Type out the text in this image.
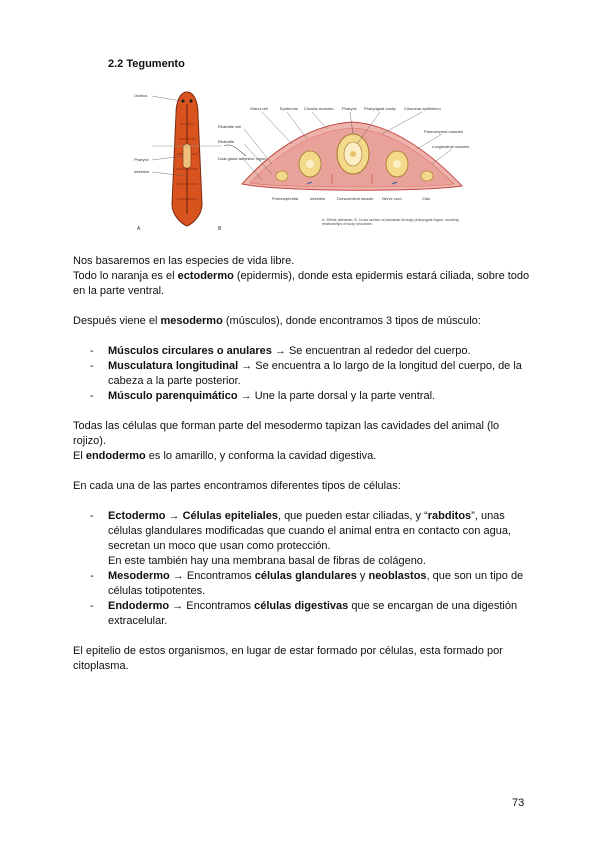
2.2 Tegumento
Ocellus
Pharynx
Intestine
A
Gland cell	Epidermis Circular muscles Pharynx Pharyngeal cavity Columnar epithelium
Parenchymal muscles
Longitudinal muscles
Rhabdite cell
Rhabdite
Dual-gland adhesive organ
Protonephridia	Intestine	Dorsoventral muscle Nerve cord	Cilia
B
A, Whole planarian. B, Cross section of planarian through pharyngeal region, showing relationships of body structures.

Nos basaremos en las especies de vida libre.

Todo lo naranja es el ectodermo (epidermis), donde esta epidermis estará ciliada, sobre todo en la parte ventral.

Después viene el mesodermo (músculos), donde encontramos 3 tipos de músculo:

- Músculos circulares o anulares → Se encuentran al rededor del cuerpo.
- Musculatura longitudinal → Se encuentra a lo largo de la longitud del cuerpo, de la cabeza a la parte posterior.
- Músculo parenquimático → Une la parte dorsal y la parte ventral.

Todas las células que forman parte del mesodermo tapizan las cavidades del animal (lo rojizo).

El endodermo es lo amarillo, y conforma la cavidad digestiva.

En cada una de las partes encontramos diferentes tipos de células:

- Ectodermo → Células epiteliales, que pueden estar ciliadas, y “rabditos”, unas células glandulares modificadas que cuando el animal entra en contacto con agua, secretan un moco que usan como protección.
En este también hay una membrana basal de fibras de colágeno.
- Mesodermo → Encontramos células glandulares y neoblastos, que son un tipo de células totipotentes.
- Endodermo → Encontramos células digestivas que se encargan de una digestión extracelular.

El epitelio de estos organismos, en lugar de estar formado por células, esta formado por citoplasma.

73
